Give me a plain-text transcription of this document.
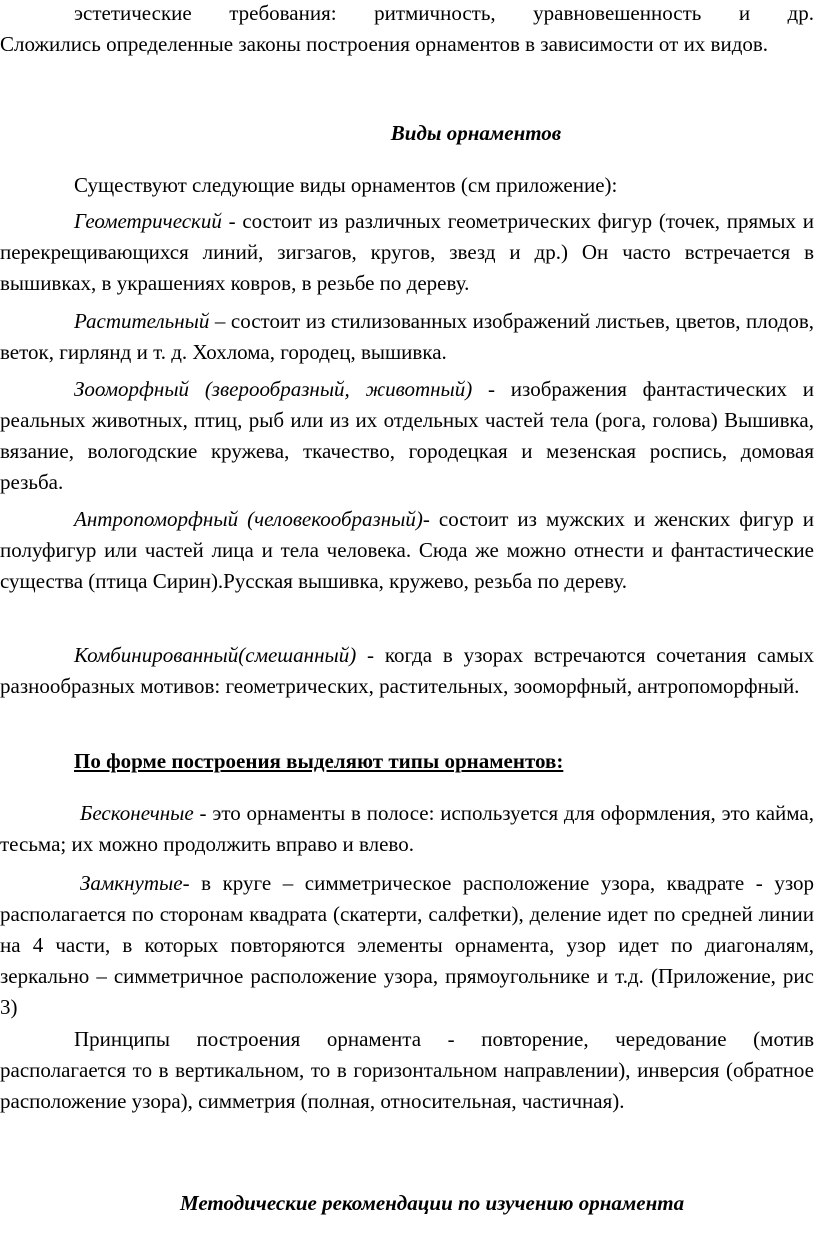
эстетические требования: ритмичность, уравновешенность и др.
Сложились определенные законы построения орнаментов в зависимости от их видов.

Виды орнаментов

Существуют следующие виды орнаментов (см приложение):

Геометрический - состоит из различных геометрических фигур (точек, прямых и перекрещивающихся линий, зигзагов, кругов, звезд и др.) Он часто встречается в вышивках, в украшениях ковров, в резьбе по дереву.

Растительный – состоит из стилизованных изображений листьев, цветов, плодов, веток, гирлянд и т. д. Хохлома, городец, вышивка.

Зооморфный (зверообразный, животный) - изображения фантастических и реальных животных, птиц, рыб или из их отдельных частей тела (рога, голова) Вышивка, вязание, вологодские кружева, ткачество, городецкая и мезенская роспись, домовая резьба.

Антропоморфный (человекообразный)- состоит из мужских и женских фигур и полуфигур или частей лица и тела человека. Сюда же можно отнести и фантастические существа (птица Сирин).Русская вышивка, кружево, резьба по дереву.

Комбинированный(смешанный) - когда в узорах встречаются сочетания самых разнообразных мотивов: геометрических, растительных, зооморфный, антропоморфный.

По форме построения выделяют типы орнаментов:

Бесконечные - это орнаменты в полосе: используется для оформления, это кайма, тесьма; их можно продолжить вправо и влево.

Замкнутые- в круге – симметрическое расположение узора, квадрате - узор располагается по сторонам квадрата (скатерти, салфетки), деление идет по средней линии на 4 части, в которых повторяются элементы орнамента, узор идет по диагоналям, зеркально – симметричное расположение узора, прямоугольнике и т.д. (Приложение, рис 3)

Принципы построения орнамента - повторение, чередование (мотив располагается то в вертикальном, то в горизонтальном направлении), инверсия (обратное расположение узора), симметрия (полная, относительная, частичная).

Методические рекомендации по изучению орнамента
